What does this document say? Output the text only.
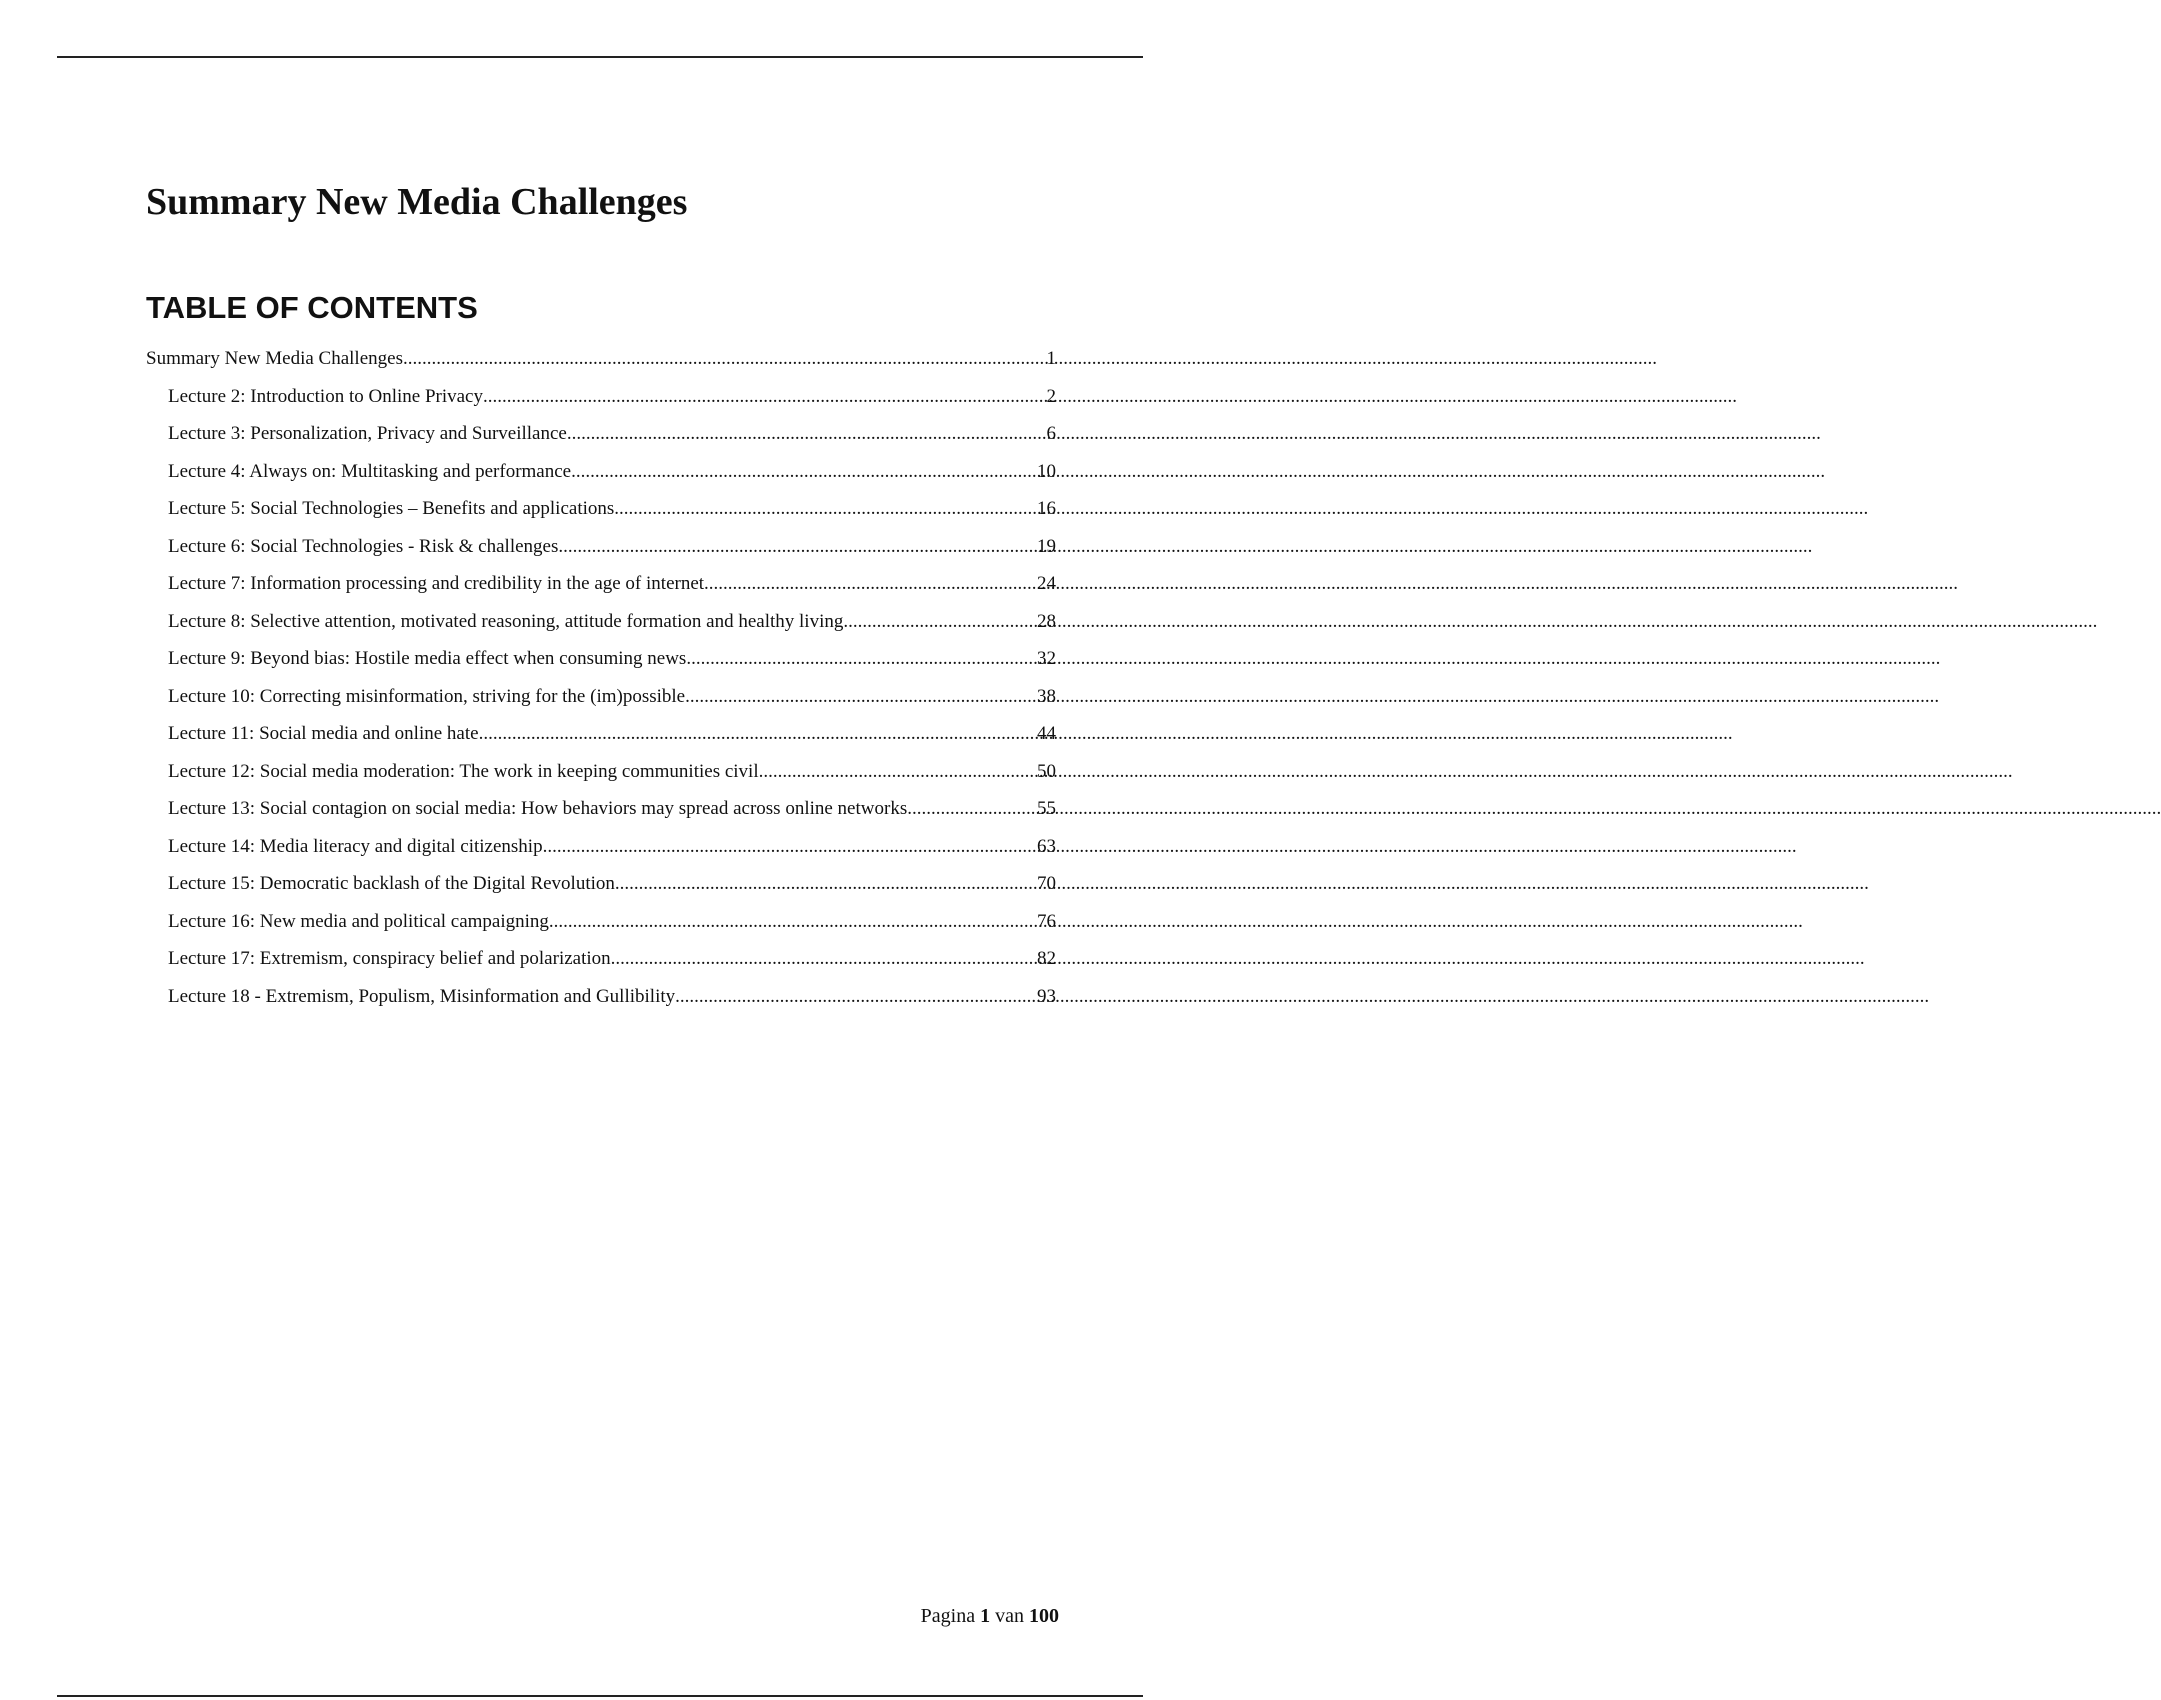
Summary New Media Challenges
TABLE OF CONTENTS
Summary New Media Challenges .....	1
Lecture 2: Introduction to Online Privacy .....	2
Lecture 3: Personalization, Privacy and Surveillance .....	6
Lecture 4: Always on: Multitasking and performance .....	10
Lecture 5: Social Technologies – Benefits and applications .....	16
Lecture 6: Social Technologies - Risk & challenges .....	19
Lecture 7: Information processing and credibility in the age of internet .....	24
Lecture 8: Selective attention, motivated reasoning, attitude formation and healthy living .....	28
Lecture 9: Beyond bias: Hostile media effect when consuming news .....	32
Lecture 10: Correcting misinformation, striving for the (im)possible .....	38
Lecture 11: Social media and online hate .....	44
Lecture 12: Social media moderation: The work in keeping communities civil .....	50
Lecture 13: Social contagion on social media: How behaviors may spread across online networks .....	55
Lecture 14: Media literacy and digital citizenship .....	63
Lecture 15: Democratic backlash of the Digital Revolution .....	70
Lecture 16: New media and political campaigning .....	76
Lecture 17: Extremism, conspiracy belief and polarization .....	82
Lecture 18 - Extremism, Populism, Misinformation and Gullibility .....	93
Pagina 1 van 100
